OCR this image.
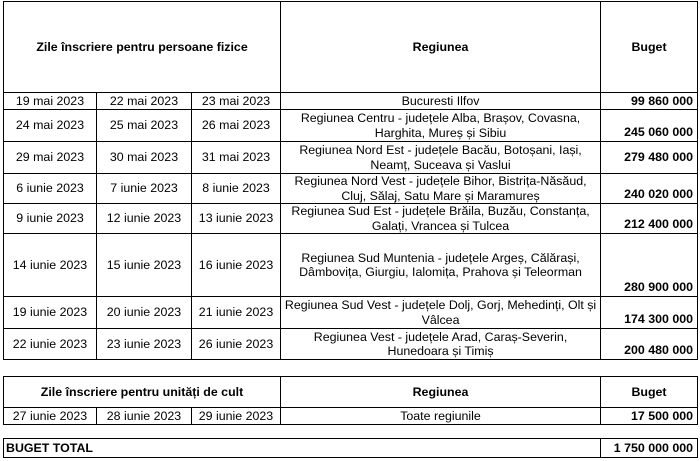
Zile înscriere pentru persoane fizice			Regiunea	Buget
19 mai 2023	22 mai 2023	23 mai 2023	Bucuresti Ilfov	99 860 000
24 mai 2023	25 mai 2023	26 mai 2023	Regiunea Centru - județele Alba, Brașov, Covasna, Harghita, Mureș și Sibiu	245 060 000
29 mai 2023	30 mai 2023	31 mai 2023	Regiunea Nord Est - județele Bacău, Botoșani, Iași, Neamț, Suceava și Vaslui	279 480 000
6 iunie 2023	7 iunie 2023	8 iunie 2023	Regiunea Nord Vest - județele Bihor, Bistrița-Năsăud, Cluj, Sălaj, Satu Mare și Maramureș	240 020 000
9 iunie 2023	12 iunie 2023	13 iunie 2023	Regiunea Sud Est - județele Brăila, Buzău, Constanța, Galați, Vrancea și Tulcea	212 400 000
14 iunie 2023	15 iunie 2023	16 iunie 2023	Regiunea Sud Muntenia - județele Argeș, Călărași, Dâmbovița, Giurgiu, Ialomița, Prahova și Teleorman	280 900 000
19 iunie 2023	20 iunie 2023	21 iunie 2023	Regiunea Sud Vest - județele Dolj, Gorj, Mehedinți, Olt și Vâlcea	174 300 000
22 iunie 2023	23 iunie 2023	26 iunie 2023	Regiunea Vest - județele Arad, Caraș-Severin, Hunedoara și Timiș	200 480 000
Zile înscriere pentru unități de cult			Regiunea	Buget
27 iunie 2023	28 iunie 2023	29 iunie 2023	Toate regiunile	17 500 000
BUGET TOTAL	1 750 000 000
